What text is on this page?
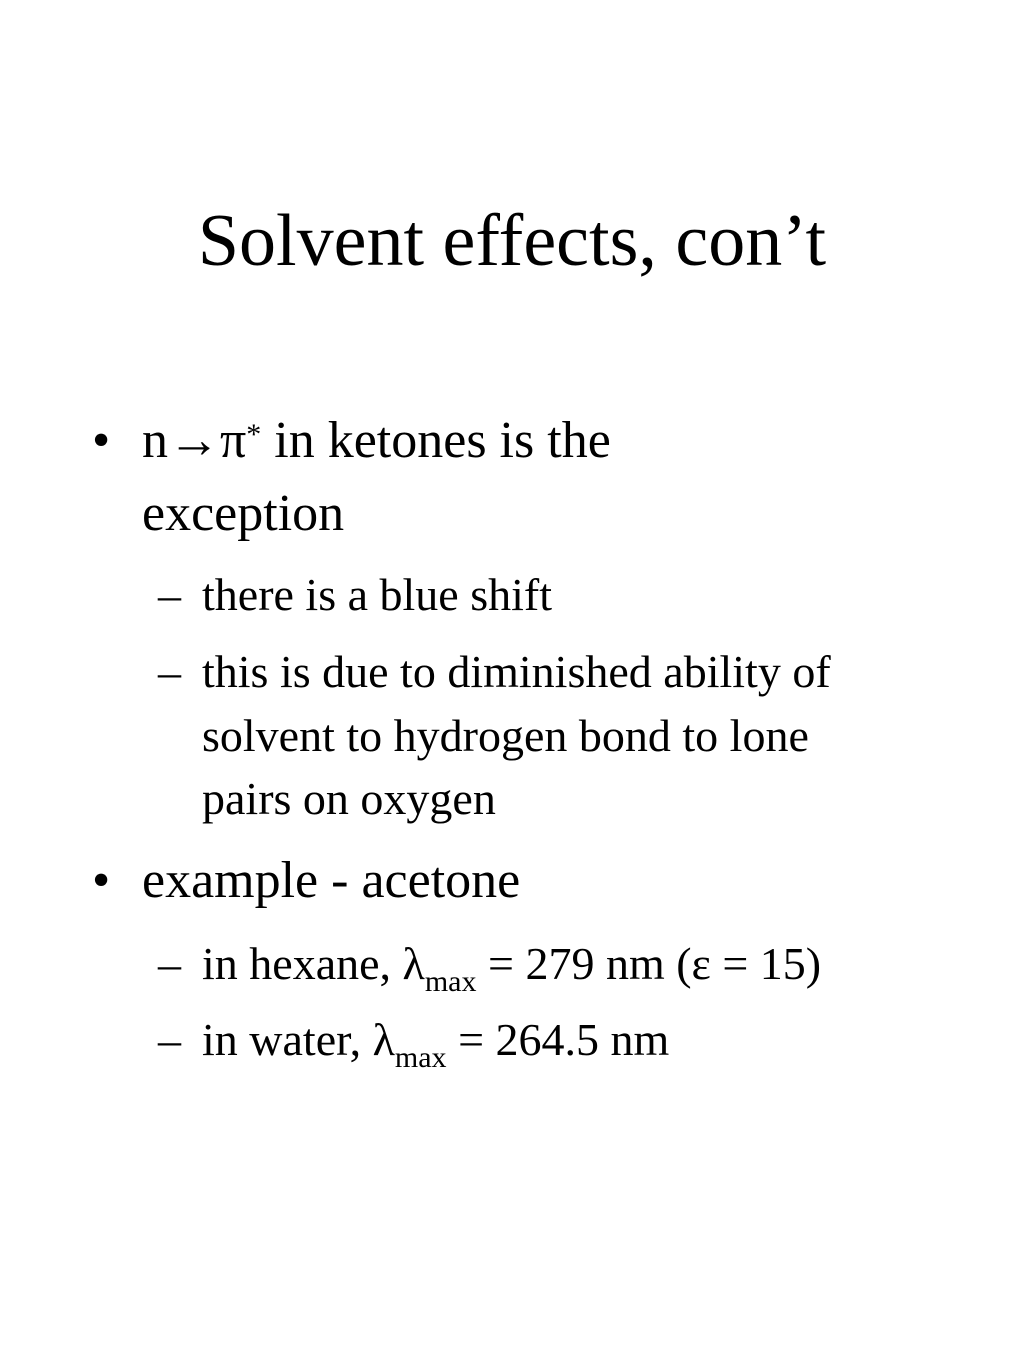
Solvent effects, con’t
• n→π* in ketones is the
exception
– there is a blue shift
– this is due to diminished ability of
solvent to hydrogen bond to lone
pairs on oxygen
• example - acetone
– in hexane, $\lambda_{max} = 279$ nm (ε = 15)
– in water, $\lambda_{max} = 264.5$ nm
